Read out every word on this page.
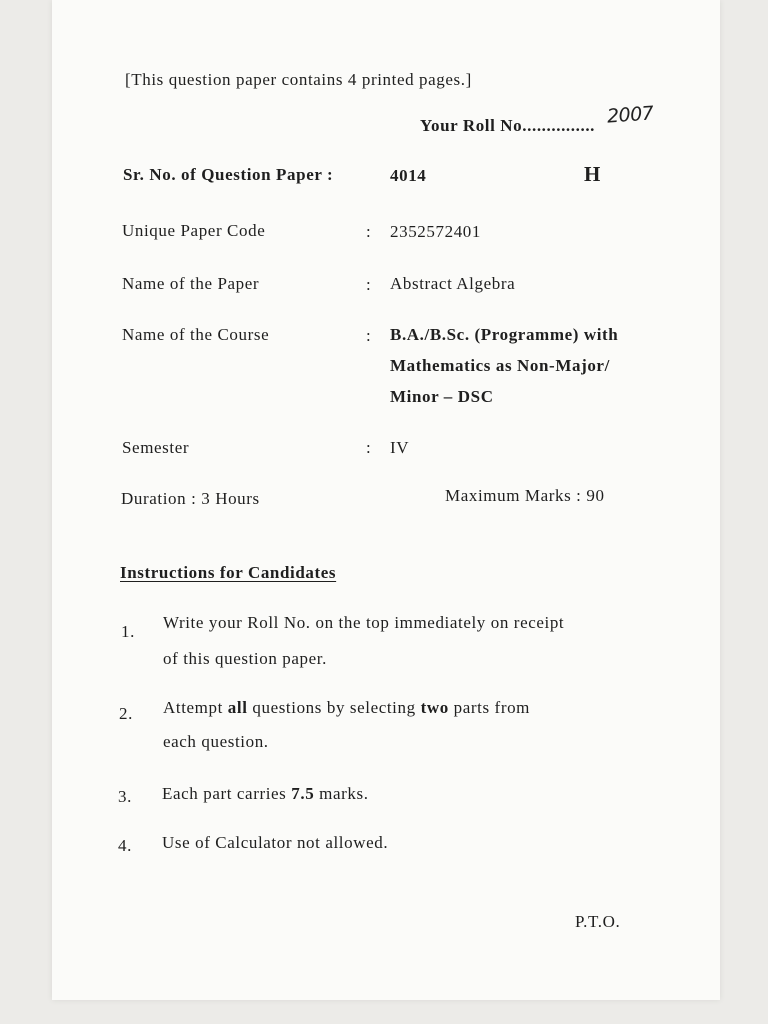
[This question paper contains 4 printed pages.]
Your Roll No............... 2007
Sr. No. of Question Paper :	4014	H
Unique Paper Code	: 2352572401
Name of the Paper	: Abstract Algebra
Name of the Course	: B.A./B.Sc. (Programme) with
Mathematics as Non-Major/
Minor – DSC
Semester	: IV
Duration : 3 Hours	Maximum Marks : 90
Instructions for Candidates
1. Write your Roll No. on the top immediately on receipt
of this question paper.
2. Attempt all questions by selecting two parts from
each question.
3. Each part carries 7.5 marks.
4. Use of Calculator not allowed.
P.T.O.
